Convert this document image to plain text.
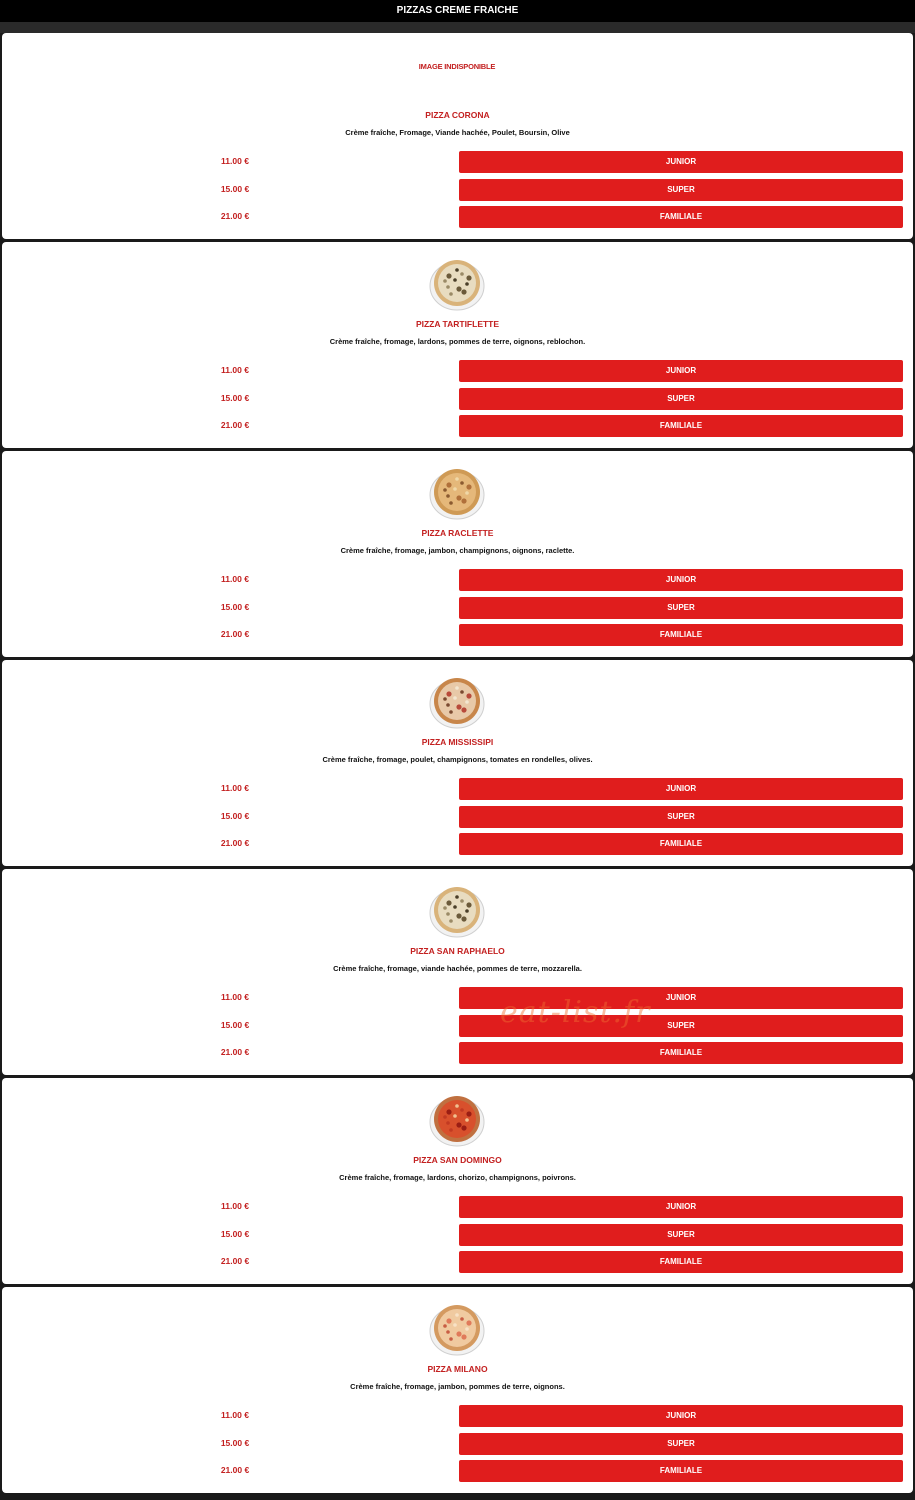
PIZZAS CREME FRAICHE
IMAGE INDISPONIBLE
PIZZA CORONA
Crème fraîche, Fromage, Viande hachée, Poulet, Boursin, Olive
11.00 €	JUNIOR
15.00 €	SUPER
21.00 €	FAMILIALE
PIZZA TARTIFLETTE
Crème fraîche, fromage, lardons, pommes de terre, oignons, reblochon.
11.00 €	JUNIOR
15.00 €	SUPER
21.00 €	FAMILIALE
PIZZA RACLETTE
Crème fraîche, fromage, jambon, champignons, oignons, raclette.
11.00 €	JUNIOR
15.00 €	SUPER
21.00 €	FAMILIALE
PIZZA MISSISSIPI
Crème fraîche, fromage, poulet, champignons, tomates en rondelles, olives.
11.00 €	JUNIOR
15.00 €	SUPER
21.00 €	FAMILIALE
PIZZA SAN RAPHAELO
Crème fraîche, fromage, viande hachée, pommes de terre, mozzarella.
11.00 €	JUNIOR
15.00 €	SUPER
21.00 €	FAMILIALE
PIZZA SAN DOMINGO
Crème fraîche, fromage, lardons, chorizo, champignons, poivrons.
11.00 €	JUNIOR
15.00 €	SUPER
21.00 €	FAMILIALE
PIZZA MILANO
Crème fraîche, fromage, jambon, pommes de terre, oignons.
11.00 €	JUNIOR
15.00 €	SUPER
21.00 €	FAMILIALE
eat-list.fr
